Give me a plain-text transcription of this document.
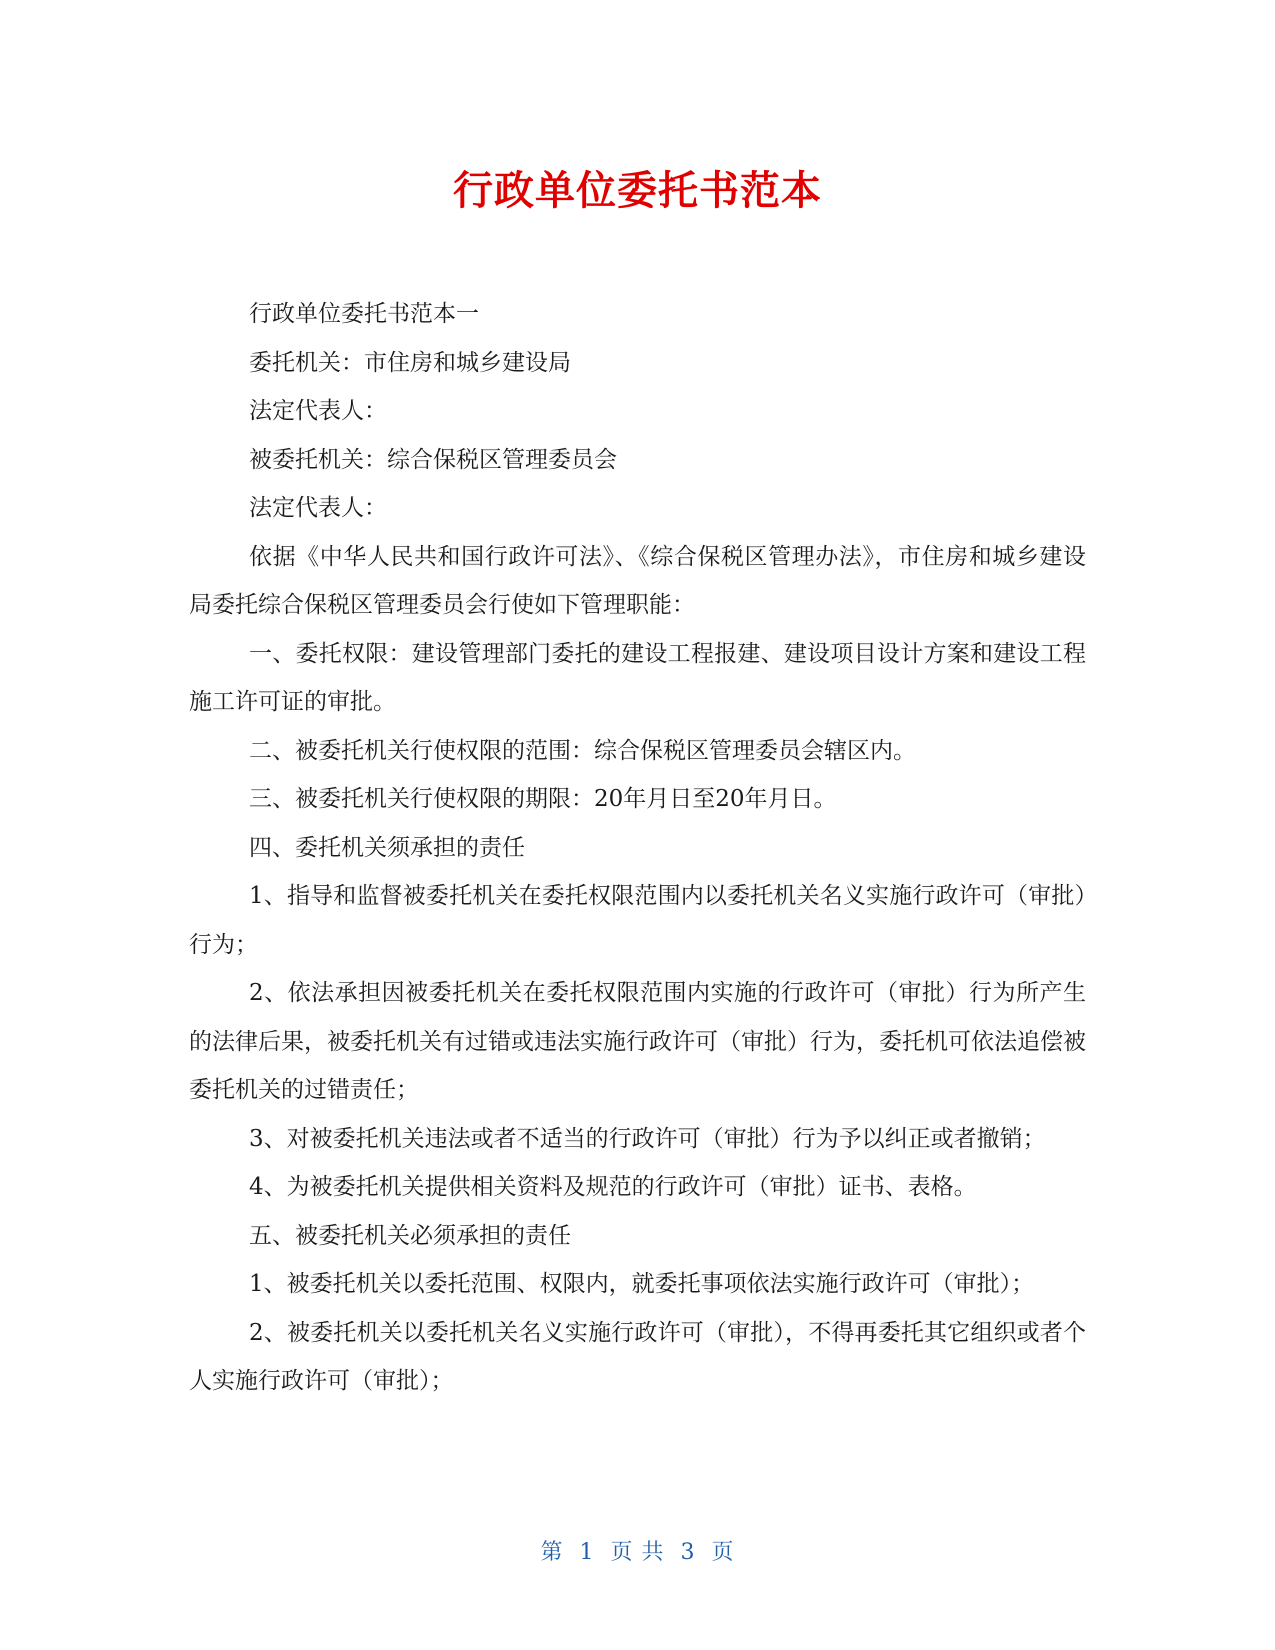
行政单位委托书范本

行政单位委托书范本一

委托机关：市住房和城乡建设局

法定代表人：

被委托机关：综合保税区管理委员会

法定代表人：

依据《中华人民共和国行政许可法》、《综合保税区管理办法》，市住房和城乡建设局委托综合保税区管理委员会行使如下管理职能：

一、委托权限：建设管理部门委托的建设工程报建、建设项目设计方案和建设工程施工许可证的审批。

二、被委托机关行使权限的范围：综合保税区管理委员会辖区内。

三、被委托机关行使权限的期限：20年月日至20年月日。

四、委托机关须承担的责任

1、指导和监督被委托机关在委托权限范围内以委托机关名义实施行政许可（审批）行为；

2、依法承担因被委托机关在委托权限范围内实施的行政许可（审批）行为所产生的法律后果，被委托机关有过错或违法实施行政许可（审批）行为，委托机可依法追偿被委托机关的过错责任；

3、对被委托机关违法或者不适当的行政许可（审批）行为予以纠正或者撤销；

4、为被委托机关提供相关资料及规范的行政许可（审批）证书、表格。

五、被委托机关必须承担的责任

1、被委托机关以委托范围、权限内，就委托事项依法实施行政许可（审批）；

2、被委托机关以委托机关名义实施行政许可（审批），不得再委托其它组织或者个人实施行政许可（审批）；

第 1 页 共 3 页
